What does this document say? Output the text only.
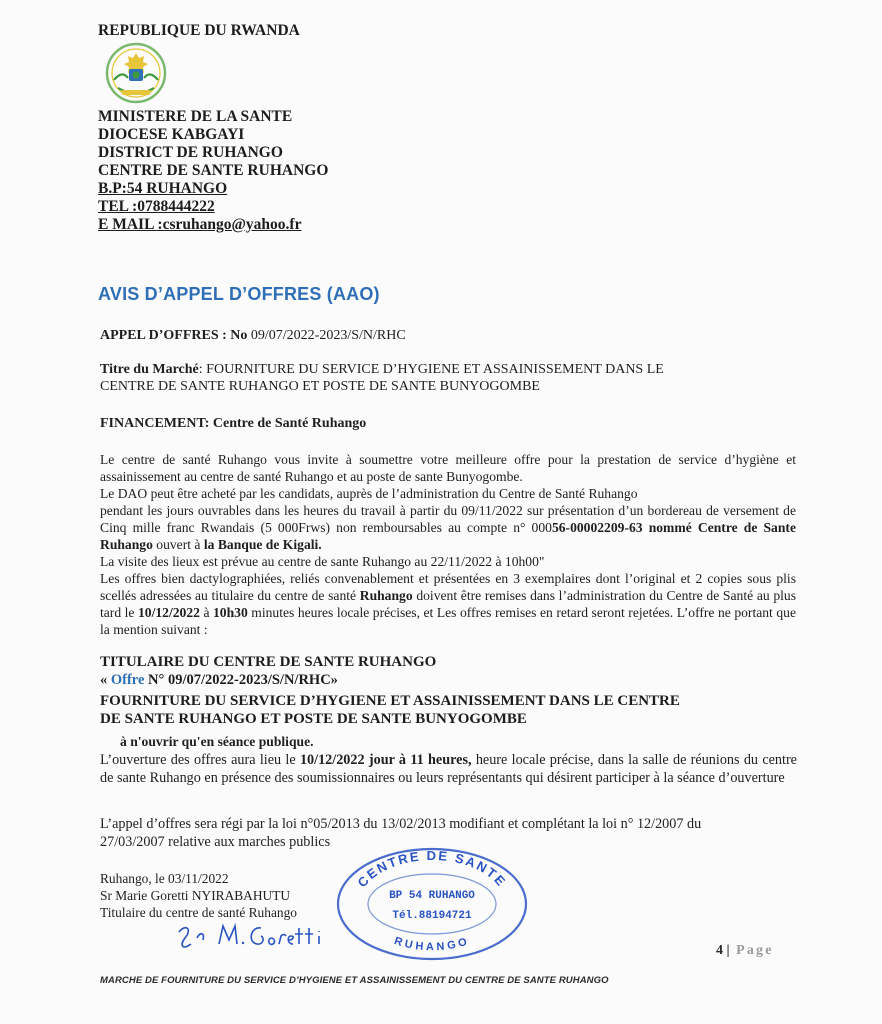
REPUBLIQUE DU RWANDA
MINISTERE DE LA SANTE
DIOCESE KABGAYI
DISTRICT DE RUHANGO
CENTRE DE SANTE RUHANGO
B.P:54 RUHANGO
TEL :0788444222
E MAIL :csruhango@yahoo.fr
AVIS D’APPEL D’OFFRES (AAO)
APPEL D’OFFRES : No 09/07/2022-2023/S/N/RHC
Titre du Marché: FOURNITURE DU SERVICE D’HYGIENE ET ASSAINISSEMENT DANS LE
CENTRE DE SANTE RUHANGO ET POSTE DE SANTE BUNYOGOMBE
FINANCEMENT: Centre de Santé Ruhango
Le centre de santé Ruhango vous invite à soumettre votre meilleure offre pour la prestation de service d’hygiène et assainissement au centre de santé Ruhango et au poste de sante Bunyogombe.
Le DAO peut être acheté par les candidats, auprès de l’administration du Centre de Santé Ruhango
pendant les jours ouvrables dans les heures du travail à partir du 09/11/2022 sur présentation d’un bordereau de versement de Cinq mille franc Rwandais (5 000Frws) non remboursables au compte n° 00056-00002209-63 nommé Centre de Sante Ruhango ouvert à la Banque de Kigali.
La visite des lieux est prévue au centre de sante Ruhango au 22/11/2022 à 10h00"
Les offres bien dactylographiées, reliés convenablement et présentées en 3 exemplaires dont l’original et 2 copies sous plis scellés adressées au titulaire du centre de santé Ruhango doivent être remises dans l’administration du Centre de Santé au plus tard le 10/12/2022 à 10h30 minutes heures locale précises, et Les offres remises en retard seront rejetées. L’offre ne portant que la mention suivant :
TITULAIRE DU CENTRE DE SANTE RUHANGO
« Offre N° 09/07/2022-2023/S/N/RHC»
FOURNITURE DU SERVICE D’HYGIENE ET ASSAINISSEMENT DANS LE CENTRE
DE SANTE RUHANGO ET POSTE DE SANTE BUNYOGOMBE
à n'ouvrir qu'en séance publique.
L’ouverture des offres aura lieu le 10/12/2022 jour à 11 heures, heure locale précise, dans la salle de réunions du centre de sante Ruhango en présence des soumissionnaires ou leurs représentants qui désirent participer à la séance d’ouverture
L’appel d’offres sera régi par la loi n°05/2013 du 13/02/2013 modifiant et complétant la loi n° 12/2007 du 27/03/2007 relative aux marches publics
Ruhango, le 03/11/2022
Sr Marie Goretti NYIRABAHUTU
Titulaire du centre de santé Ruhango
CENTRE DE SANTE
BP 54 RUHANGO
Tél.88194721
RUHANGO
4 | Page
MARCHE DE FOURNITURE DU SERVICE D’HYGIENE ET ASSAINISSEMENT DU CENTRE DE SANTE RUHANGO
